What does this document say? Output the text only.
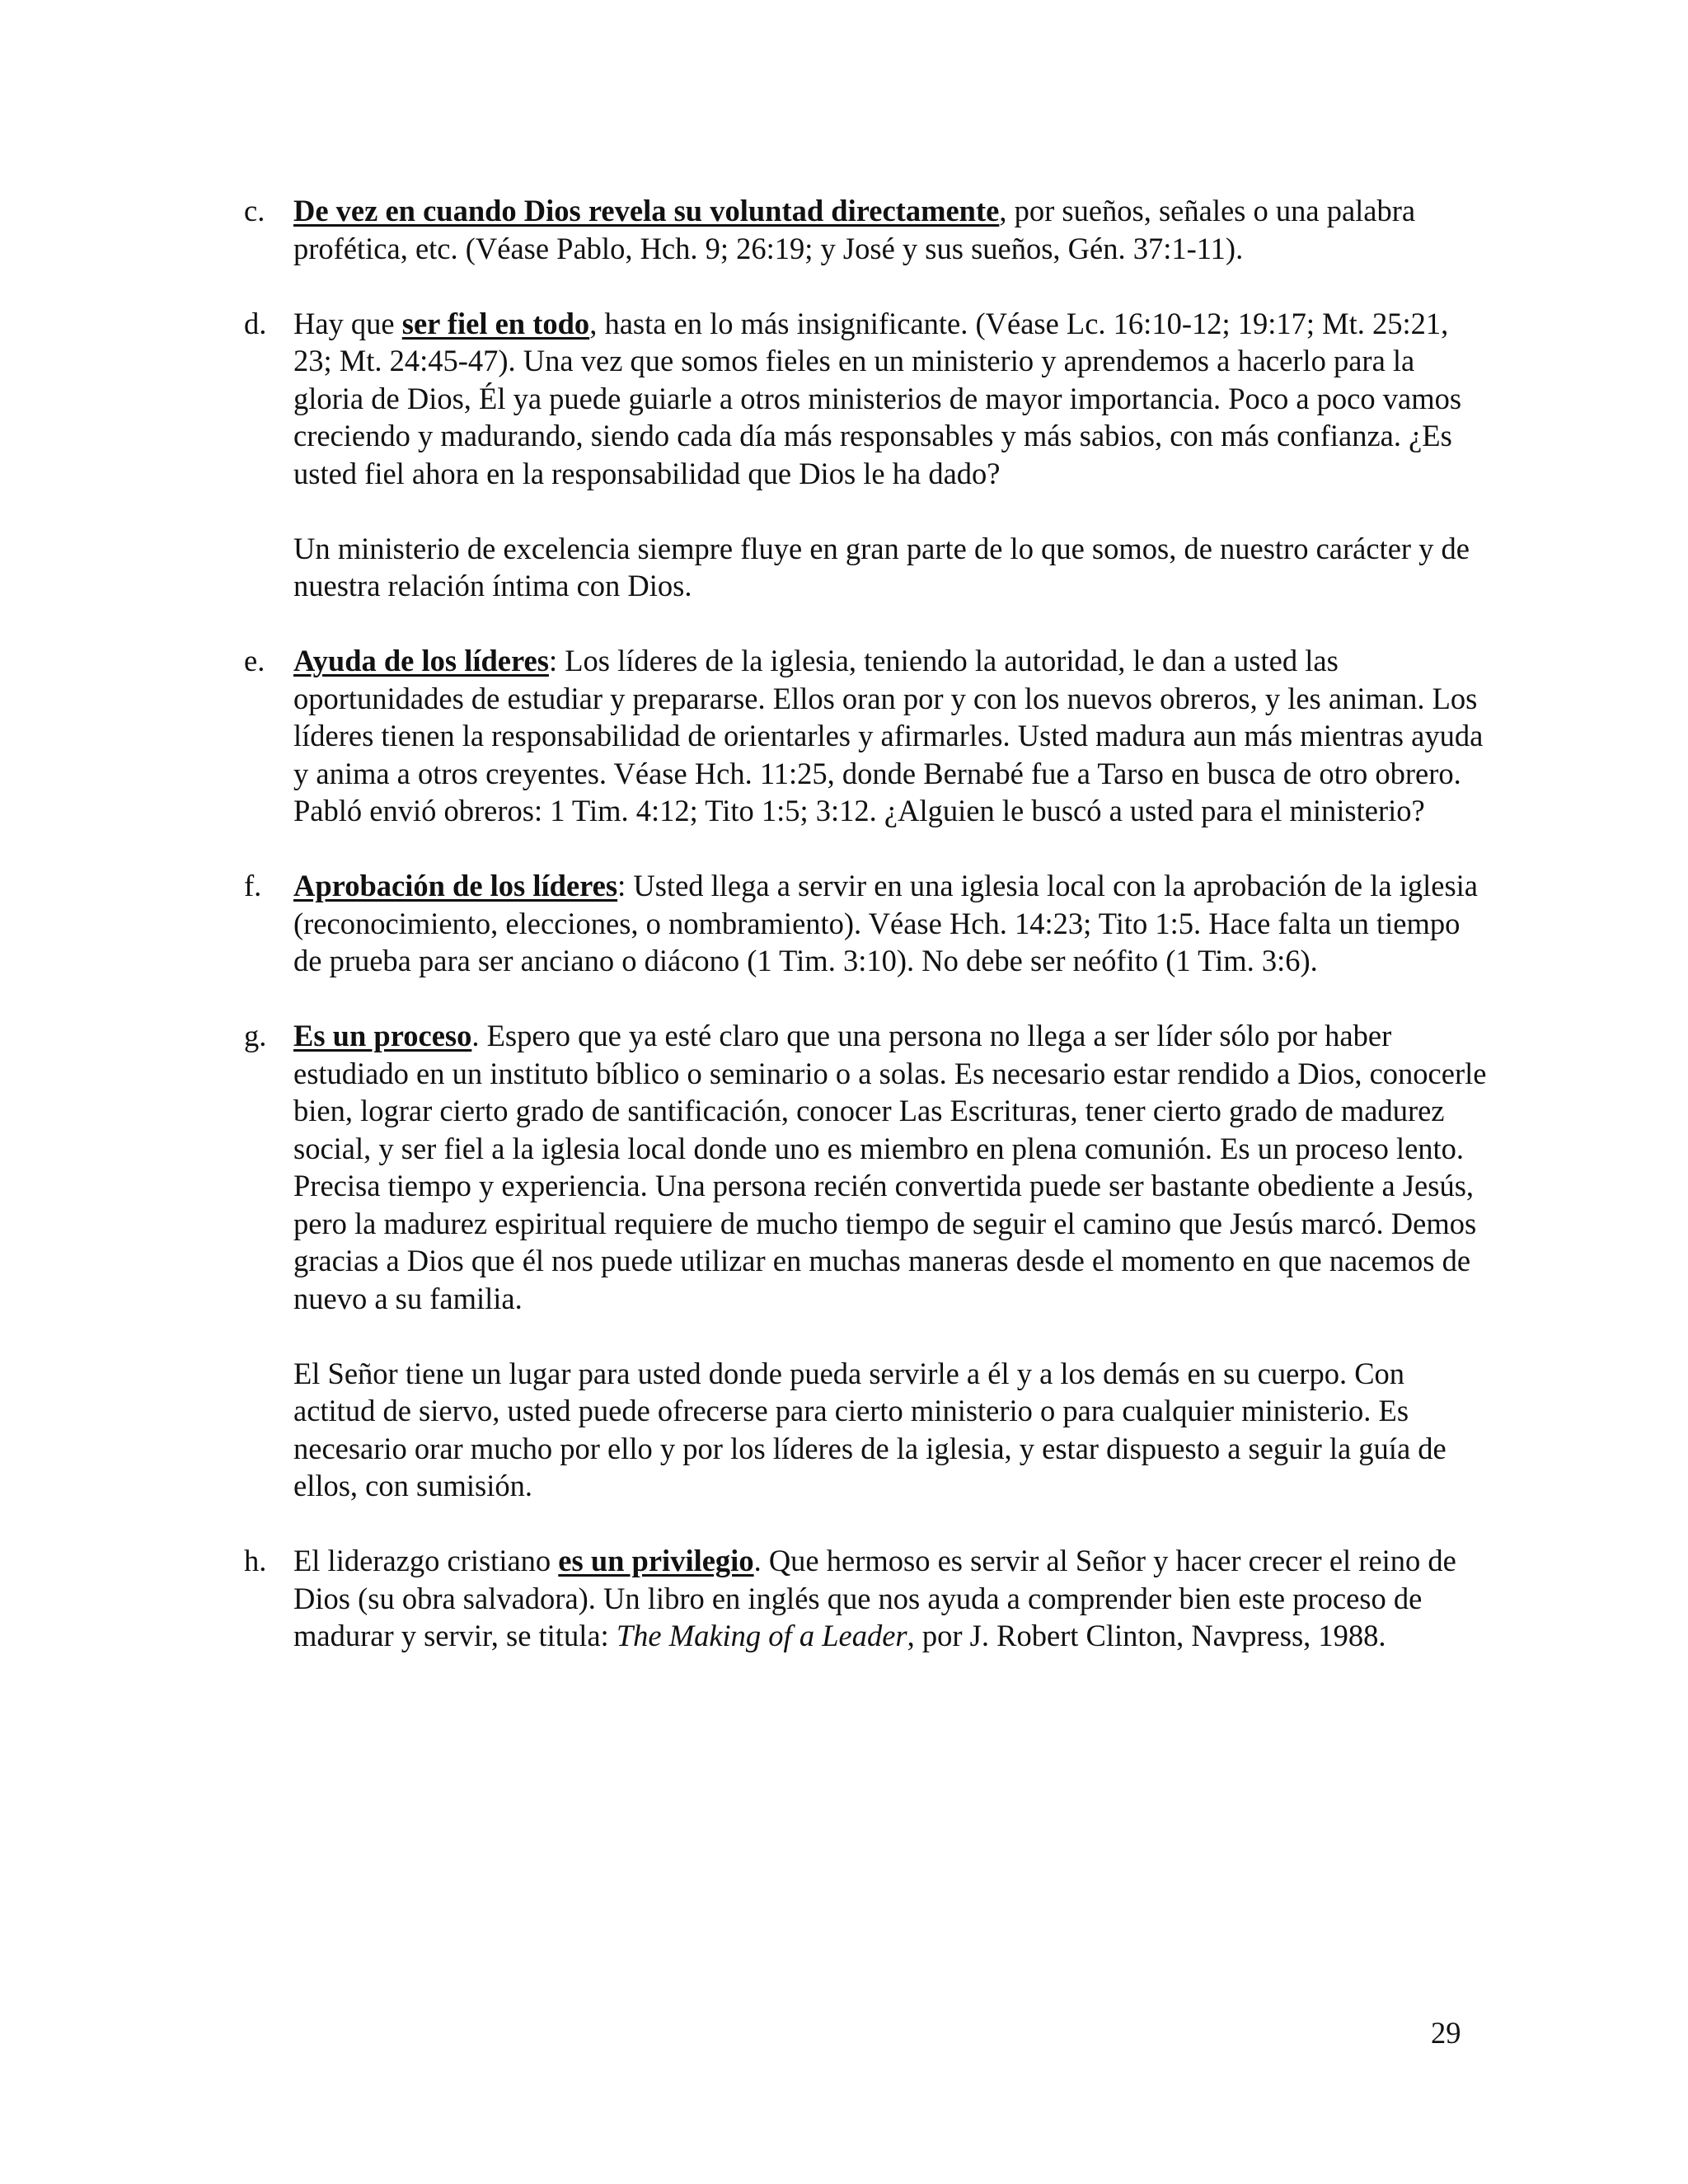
c. De vez en cuando Dios revela su voluntad directamente, por sueños, señales o una palabra profética, etc. (Véase Pablo, Hch. 9; 26:19; y José y sus sueños, Gén. 37:1-11).

d. Hay que ser fiel en todo, hasta en lo más insignificante. (Véase Lc. 16:10-12; 19:17; Mt. 25:21, 23; Mt. 24:45-47). Una vez que somos fieles en un ministerio y aprendemos a hacerlo para la gloria de Dios, Él ya puede guiarle a otros ministerios de mayor importancia. Poco a poco vamos creciendo y madurando, siendo cada día más responsables y más sabios, con más confianza. ¿Es usted fiel ahora en la responsabilidad que Dios le ha dado?

Un ministerio de excelencia siempre fluye en gran parte de lo que somos, de nuestro carácter y de nuestra relación íntima con Dios.

e. Ayuda de los líderes: Los líderes de la iglesia, teniendo la autoridad, le dan a usted las oportunidades de estudiar y prepararse. Ellos oran por y con los nuevos obreros, y les animan. Los líderes tienen la responsabilidad de orientarles y afirmarles. Usted madura aun más mientras ayuda y anima a otros creyentes. Véase Hch. 11:25, donde Bernabé fue a Tarso en busca de otro obrero. Pabló envió obreros: 1 Tim. 4:12; Tito 1:5; 3:12. ¿Alguien le buscó a usted para el ministerio?

f.	Aprobación de los líderes: Usted llega a servir en una iglesia local con la aprobación de la iglesia (reconocimiento, elecciones, o nombramiento). Véase Hch. 14:23; Tito 1:5. Hace falta un tiempo de prueba para ser anciano o diácono (1 Tim. 3:10). No debe ser neófito (1 Tim. 3:6).

g. Es un proceso. Espero que ya esté claro que una persona no llega a ser líder sólo por haber estudiado en un instituto bíblico o seminario o a solas. Es necesario estar rendido a Dios, conocerle bien, lograr cierto grado de santificación, conocer Las Escrituras, tener cierto grado de madurez social, y ser fiel a la iglesia local donde uno es miembro en plena comunión. Es un proceso lento. Precisa tiempo y experiencia. Una persona recién convertida puede ser bastante obediente a Jesús, pero la madurez espiritual requiere de mucho tiempo de seguir el camino que Jesús marcó. Demos gracias a Dios que él nos puede utilizar en muchas maneras desde el momento en que nacemos de nuevo a su familia.

El Señor tiene un lugar para usted donde pueda servirle a él y a los demás en su cuerpo. Con actitud de siervo, usted puede ofrecerse para cierto ministerio o para cualquier ministerio. Es necesario orar mucho por ello y por los líderes de la iglesia, y estar dispuesto a seguir la guía de ellos, con sumisión.

h. El liderazgo cristiano es un privilegio. Que hermoso es servir al Señor y hacer crecer el reino de Dios (su obra salvadora). Un libro en inglés que nos ayuda a comprender bien este proceso de madurar y servir, se titula: The Making of a Leader, por J. Robert Clinton, Navpress, 1988.

29
